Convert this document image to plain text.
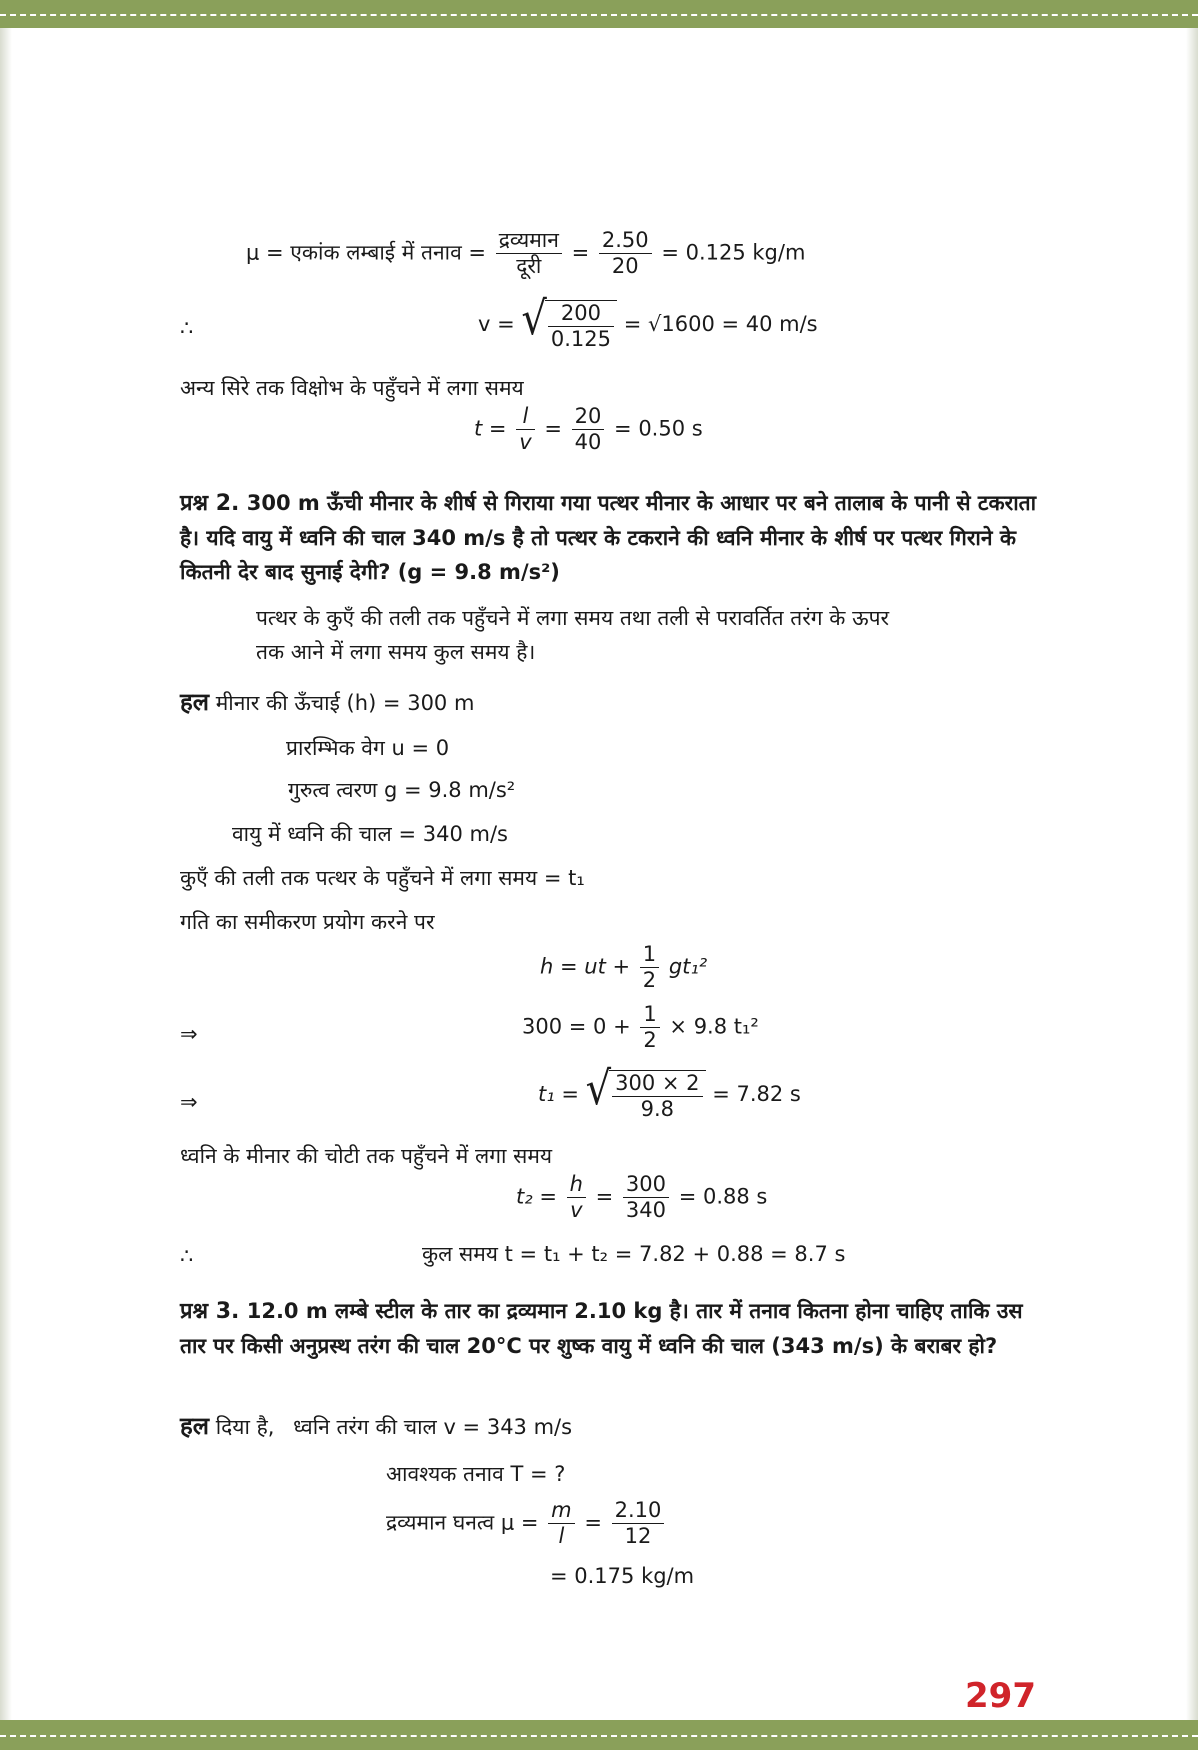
μ = एकांक लम्बाई में तनाव = $\frac{\text{द्रव्यमान}}{\text{दूरी}} = \frac{2.50}{20} = 0.125$ kg/m
∴	v = √ $\frac{200}{0.125} = √1600 = 40$ m/s
अन्य सिरे तक विक्षोभ के पहुँचने में लगा समय
$t = \frac{l}{v} = \frac{20}{40} = 0.50$ s
प्रश्न 2. 300 m ऊँची मीनार के शीर्ष से गिराया गया पत्थर मीनार के आधार पर बने तालाब के पानी से टकराता है। यदि वायु में ध्वनि की चाल 340 m/s है तो पत्थर के टकराने की ध्वनि मीनार के शीर्ष पर पत्थर गिराने के कितनी देर बाद सुनाई देगी? (g = 9.8 m/s²)
पत्थर के कुएँ की तली तक पहुँचने में लगा समय तथा तली से परावर्तित तरंग के ऊपर
तक आने में लगा समय कुल समय है।
हल मीनार की ऊँचाई (h) = 300 m
प्रारम्भिक वेग u = 0
गुरुत्व त्वरण g = 9.8 m/s²
वायु में ध्वनि की चाल = 340 m/s
कुएँ की तली तक पत्थर के पहुँचने में लगा समय = t₁
गति का समीकरण प्रयोग करने पर
h = ut + $\frac{1}{2} gt_1^2$
⇒	$300 = 0 + \frac{1}{2} \times 9.8$ t₁²
⇒	t₁ = √ $\frac{300 \times 2}{9.8} = 7.82$ s
ध्वनि के मीनार की चोटी तक पहुँचने में लगा समय
$t_2 = \frac{h}{v} = \frac{300}{340} = 0.88$ s
∴	कुल समय t = t₁ + t₂ = 7.82 + 0.88 = 8.7 s
प्रश्न 3. 12.0 m लम्बे स्टील के तार का द्रव्यमान 2.10 kg है। तार में तनाव कितना होना चाहिए ताकि उस तार पर किसी अनुप्रस्थ तरंग की चाल 20°C पर शुष्क वायु में ध्वनि की चाल (343 m/s) के बराबर हो?
हल दिया है, ध्वनि तरंग की चाल v = 343 m/s
आवश्यक तनाव T = ?
द्रव्यमान घनत्व $\mu = \frac{m}{l} = \frac{2.10}{12}$
= 0.175 kg/m
297
